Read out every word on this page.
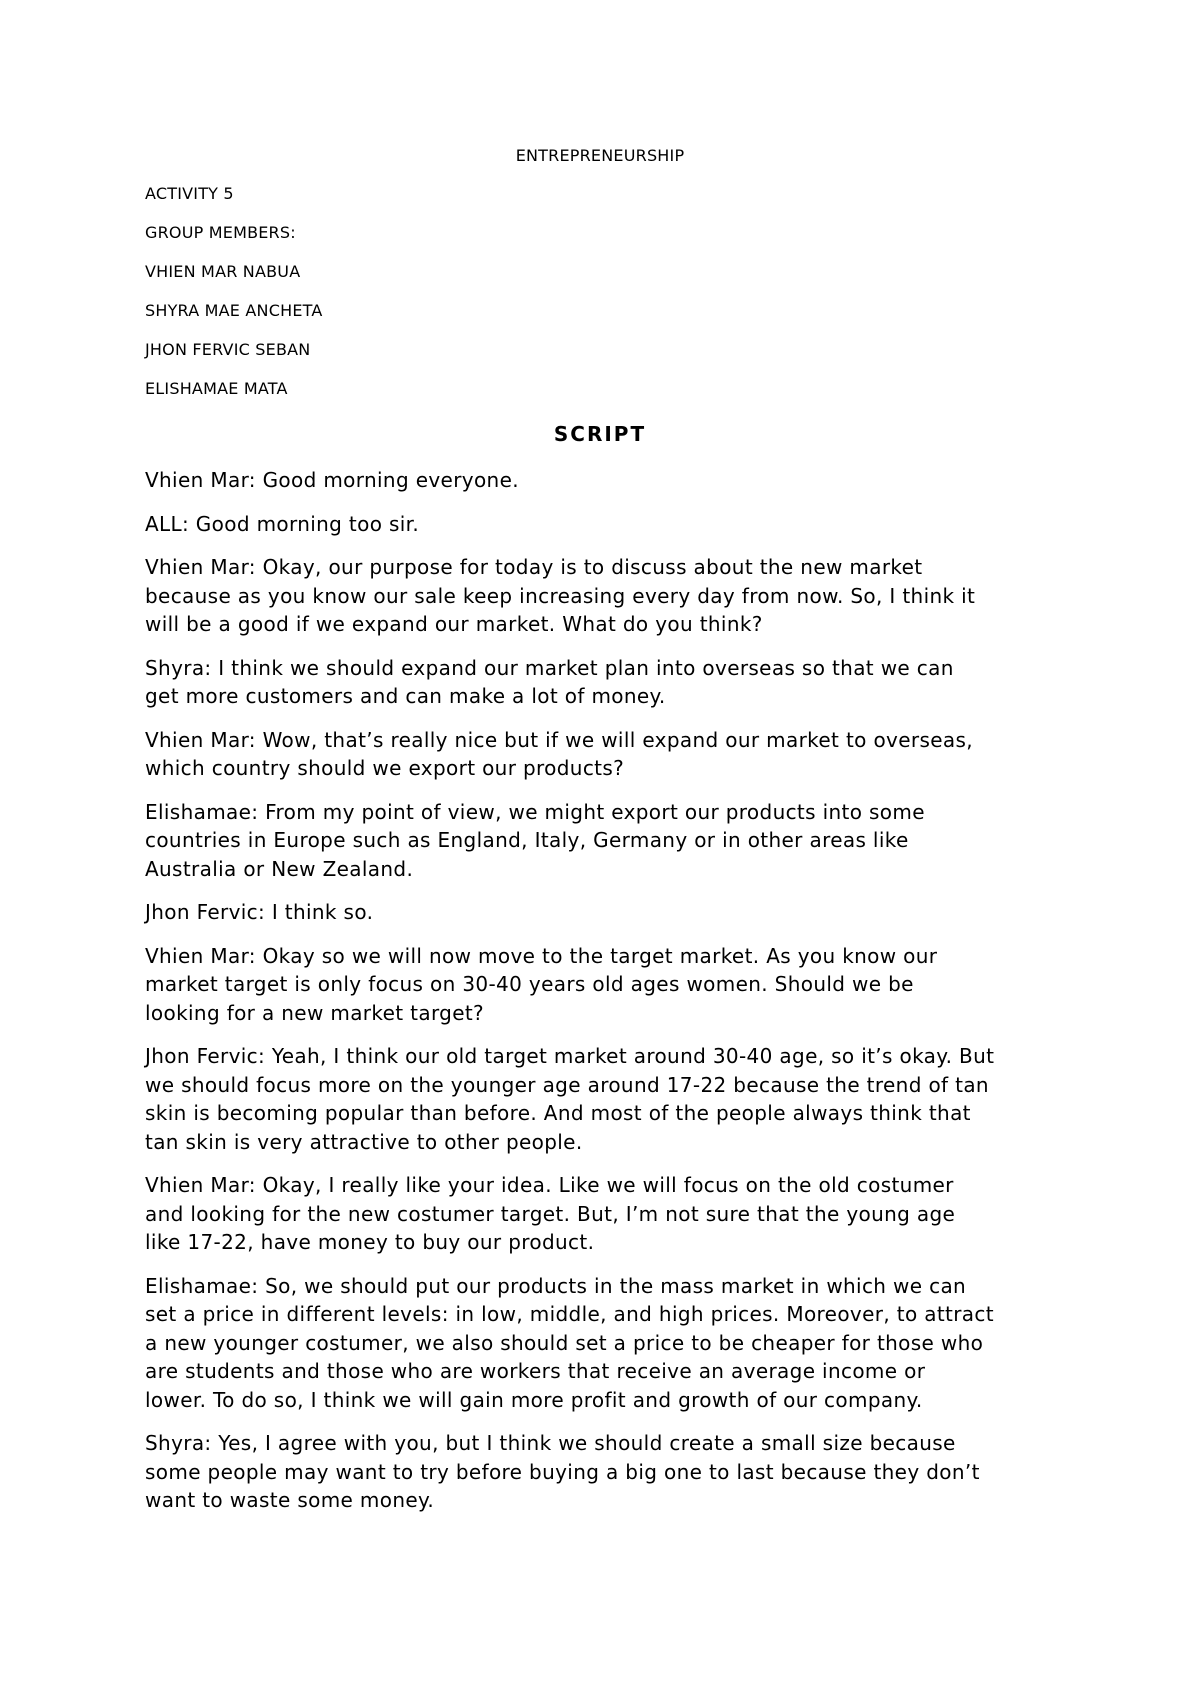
ENTREPRENEURSHIP
ACTIVITY 5
GROUP MEMBERS:
VHIEN MAR NABUA
SHYRA MAE ANCHETA
JHON FERVIC SEBAN
ELISHAMAE MATA
SCRIPT

Vhien Mar: Good morning everyone.

ALL: Good morning too sir.

Vhien Mar: Okay, our purpose for today is to discuss about the new market
because as you know our sale keep increasing every day from now. So, I think it
will be a good if we expand our market. What do you think?

Shyra: I think we should expand our market plan into overseas so that we can
get more customers and can make a lot of money.

Vhien Mar: Wow, that’s really nice but if we will expand our market to overseas,
which country should we export our products?

Elishamae: From my point of view, we might export our products into some
countries in Europe such as England, Italy, Germany or in other areas like
Australia or New Zealand.

Jhon Fervic: I think so.

Vhien Mar: Okay so we will now move to the target market. As you know our
market target is only focus on 30-40 years old ages women. Should we be
looking for a new market target?

Jhon Fervic: Yeah, I think our old target market around 30-40 age, so it’s okay. But
we should focus more on the younger age around 17-22 because the trend of tan
skin is becoming popular than before. And most of the people always think that
tan skin is very attractive to other people.

Vhien Mar: Okay, I really like your idea. Like we will focus on the old costumer
and looking for the new costumer target. But, I’m not sure that the young age
like 17-22, have money to buy our product.

Elishamae: So, we should put our products in the mass market in which we can
set a price in different levels: in low, middle, and high prices. Moreover, to attract
a new younger costumer, we also should set a price to be cheaper for those who
are students and those who are workers that receive an average income or
lower. To do so, I think we will gain more profit and growth of our company.

Shyra: Yes, I agree with you, but I think we should create a small size because
some people may want to try before buying a big one to last because they don’t
want to waste some money.
